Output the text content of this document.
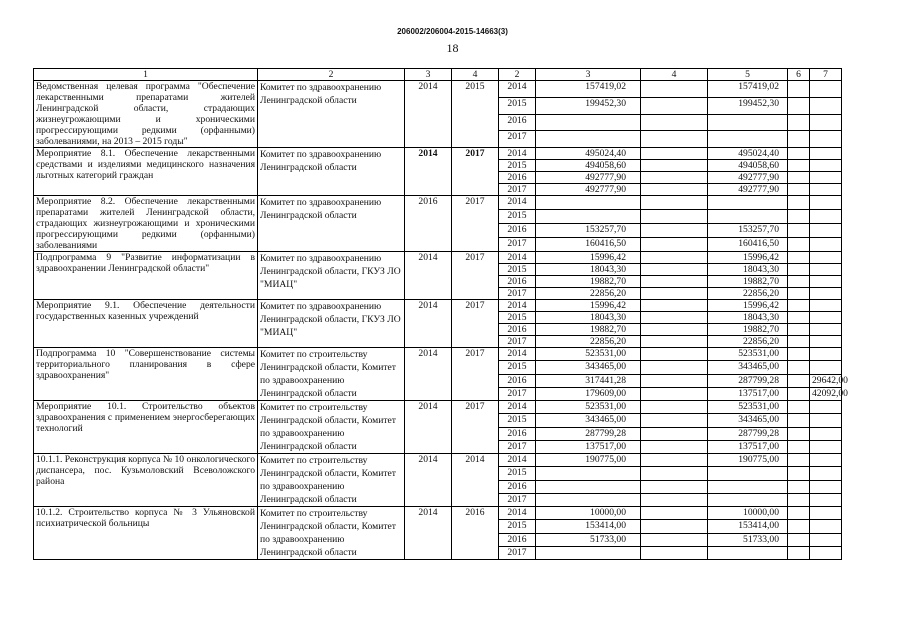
206002/206004-2015-14663(3)
18
1	2	3	4	2	3	4	5	6	7
Ведомственная целевая программа "Обеспечение лекарственными препаратами жителей Ленинградской области, страдающих жизнеугрожающими и хроническими прогрессирующими редкими (орфанными) заболеваниями, на 2013 – 2015 годы"	Комитет по здравоохранению Ленинградской области	2014	2015	2014	157419,02		157419,02		
				2015	199452,30		199452,30		
				2016					
				2017					
Мероприятие 8.1. Обеспечение лекарственными средствами и изделиями медицинского назначения льготных категорий граждан	Комитет по здравоохранению Ленинградской области	2014	2017	2014	495024,40		495024,40		
				2015	494058,60		494058,60		
				2016	492777,90		492777,90		
				2017	492777,90		492777,90		
Мероприятие 8.2. Обеспечение лекарственными препаратами жителей Ленинградской области, страдающих жизнеугрожающими и хроническими прогрессирующими редкими (орфанными) заболеваниями	Комитет по здравоохранению Ленинградской области	2016	2017	2014					
				2015					
				2016	153257,70		153257,70		
				2017	160416,50		160416,50		
Подпрограмма 9 "Развитие информатизации в здравоохранении Ленинградской области"	Комитет по здравоохранению Ленинградской области, ГКУЗ ЛО "МИАЦ"	2014	2017	2014	15996,42		15996,42		
				2015	18043,30		18043,30		
				2016	19882,70		19882,70		
				2017	22856,20		22856,20		
Мероприятие 9.1. Обеспечение деятельности государственных казенных учреждений	Комитет по здравоохранению Ленинградской области, ГКУЗ ЛО "МИАЦ"	2014	2017	2014	15996,42		15996,42		
				2015	18043,30		18043,30		
				2016	19882,70		19882,70		
				2017	22856,20		22856,20		
Подпрограмма 10 "Совершенствование системы территориального планирования в сфере здравоохранения"	Комитет по строительству Ленинградской области, Комитет по здравоохранению Ленинградской области	2014	2017	2014	523531,00		523531,00		
				2015	343465,00		343465,00		
				2016	317441,28		287799,28		29642,00
				2017	179609,00		137517,00		42092,00
Мероприятие 10.1. Строительство объектов здравоохранения с применением энергосберегающих технологий	Комитет по строительству Ленинградской области, Комитет по здравоохранению Ленинградской области	2014	2017	2014	523531,00		523531,00		
				2015	343465,00		343465,00		
				2016	287799,28		287799,28		
				2017	137517,00		137517,00		
10.1.1. Реконструкция корпуса № 10 онкологического диспансера, пос. Кузьмоловский Всеволожского района	Комитет по строительству Ленинградской области, Комитет по здравоохранению Ленинградской области	2014	2014	2014	190775,00		190775,00		
				2015					
				2016					
				2017					
10.1.2. Строительство корпуса № 3 Ульяновской психиатрической больницы	Комитет по строительству Ленинградской области, Комитет по здравоохранению Ленинградской области	2014	2016	2014	10000,00		10000,00		
				2015	153414,00		153414,00		
				2016	51733,00		51733,00		
				2017					
